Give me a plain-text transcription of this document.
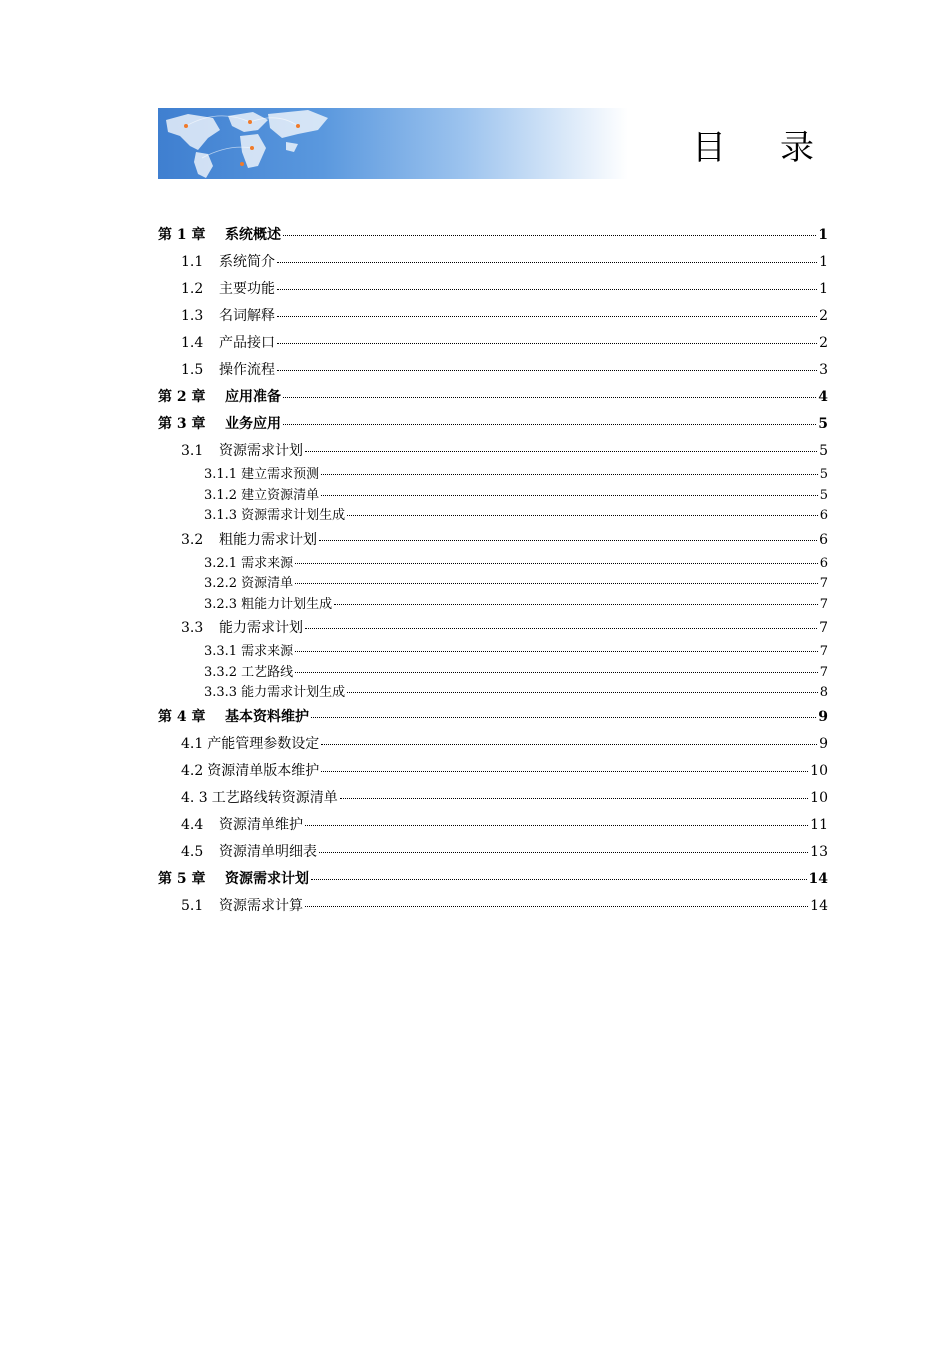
目　录
第 1 章	系统概述	1
1.1	系统简介	1
1.2	主要功能	1
1.3	名词解释	2
1.4	产品接口	2
1.5	操作流程	3
第 2 章	应用准备	4
第 3 章	业务应用	5
3.1	资源需求计划	5
3.1.1 建立需求预测	5
3.1.2 建立资源清单	5
3.1.3 资源需求计划生成	6
3.2	粗能力需求计划	6
3.2.1 需求来源	6
3.2.2 资源清单	7
3.2.3 粗能力计划生成	7
3.3	能力需求计划	7
3.3.1 需求来源	7
3.3.2 工艺路线	7
3.3.3 能力需求计划生成	8
第 4 章	基本资料维护	9
4.1 产能管理参数设定	9
4.2 资源清单版本维护	10
4. 3 工艺路线转资源清单	10
4.4	资源清单维护	11
4.5	资源清单明细表	13
第 5 章	资源需求计划	14
5.1	资源需求计算	14
